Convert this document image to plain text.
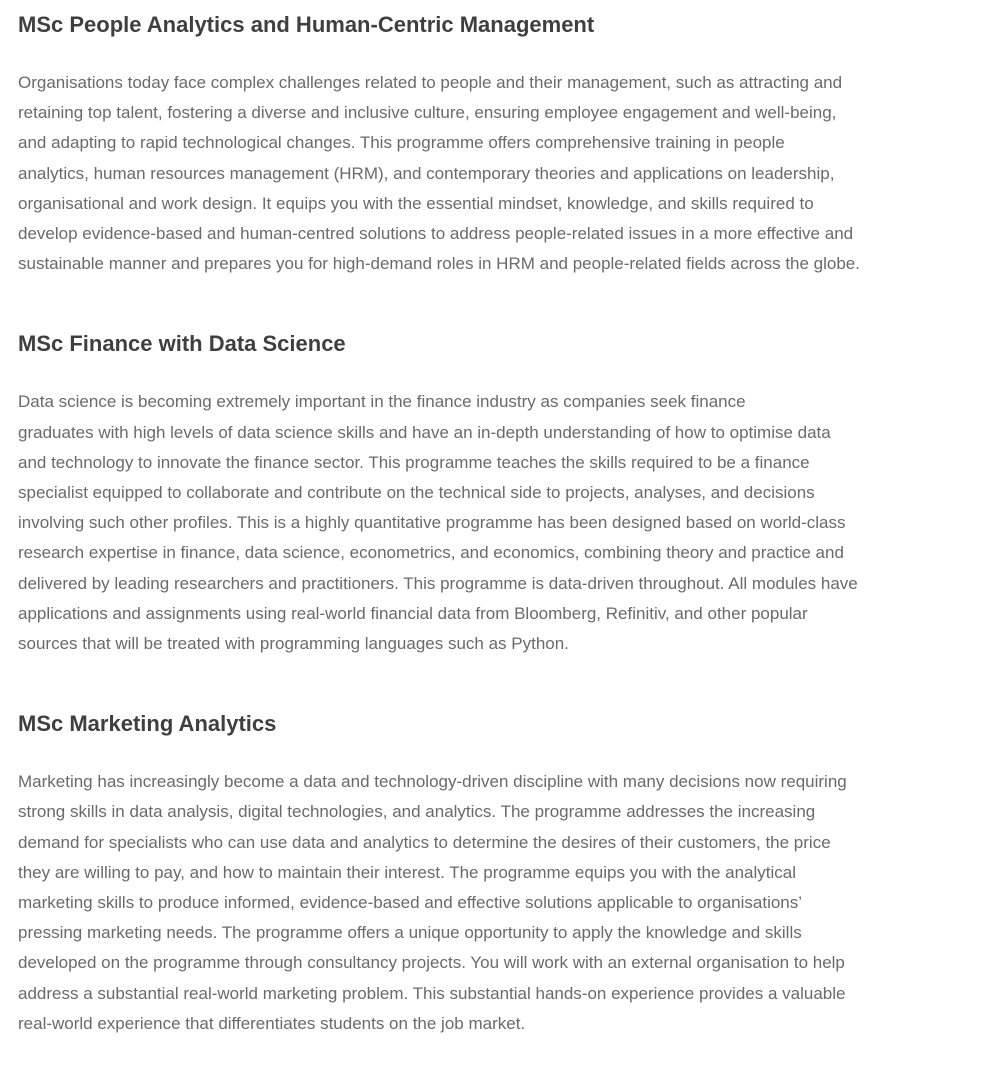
MSc People Analytics and Human-Centric Management

Organisations today face complex challenges related to people and their management, such as attracting and
retaining top talent, fostering a diverse and inclusive culture, ensuring employee engagement and well-being,
and adapting to rapid technological changes. This programme offers comprehensive training in people
analytics, human resources management (HRM), and contemporary theories and applications on leadership,
organisational and work design. It equips you with the essential mindset, knowledge, and skills required to
develop evidence-based and human-centred solutions to address people-related issues in a more effective and
sustainable manner and prepares you for high-demand roles in HRM and people-related fields across the globe.

MSc Finance with Data Science

Data science is becoming extremely important in the finance industry as companies seek finance
graduates with high levels of data science skills and have an in-depth understanding of how to optimise data
and technology to innovate the finance sector. This programme teaches the skills required to be a finance
specialist equipped to collaborate and contribute on the technical side to projects, analyses, and decisions
involving such other profiles. This is a highly quantitative programme has been designed based on world-class
research expertise in finance, data science, econometrics, and economics, combining theory and practice and
delivered by leading researchers and practitioners. This programme is data-driven throughout. All modules have
applications and assignments using real-world financial data from Bloomberg, Refinitiv, and other popular
sources that will be treated with programming languages such as Python.

MSc Marketing Analytics

Marketing has increasingly become a data and technology-driven discipline with many decisions now requiring
strong skills in data analysis, digital technologies, and analytics. The programme addresses the increasing
demand for specialists who can use data and analytics to determine the desires of their customers, the price
they are willing to pay, and how to maintain their interest. The programme equips you with the analytical
marketing skills to produce informed, evidence-based and effective solutions applicable to organisations’
pressing marketing needs. The programme offers a unique opportunity to apply the knowledge and skills
developed on the programme through consultancy projects. You will work with an external organisation to help
address a substantial real-world marketing problem. This substantial hands-on experience provides a valuable
real-world experience that differentiates students on the job market.
